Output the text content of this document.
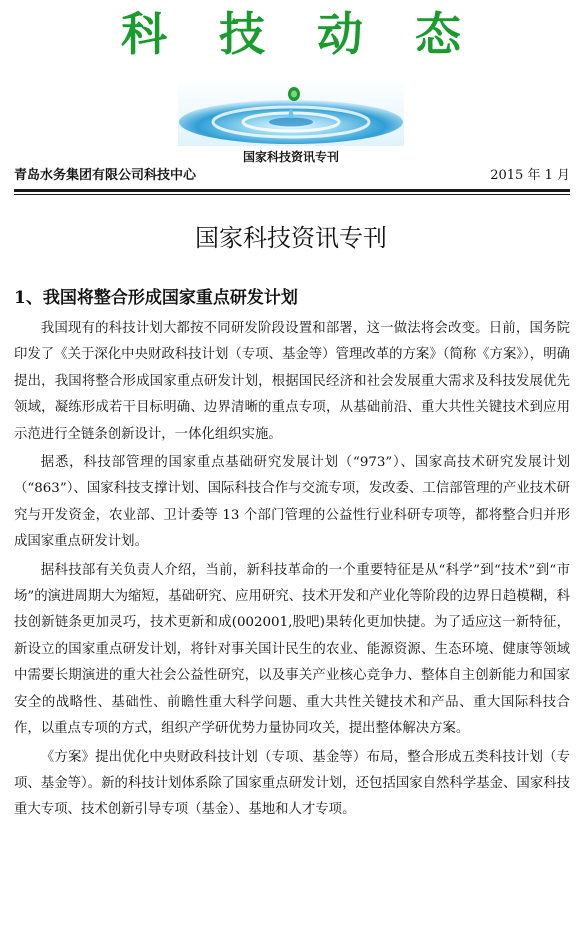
科 技 动 态
国家科技资讯专刊
青岛水务集团有限公司科技中心	2015 年 1 月
国家科技资讯专刊
1、我国将整合形成国家重点研发计划

我国现有的科技计划大都按不同研发阶段设置和部署，这一做法将会改变。日前，国务院印发了《关于深化中央财政科技计划（专项、基金等）管理改革的方案》（简称《方案》），明确提出，我国将整合形成国家重点研发计划，根据国民经济和社会发展重大需求及科技发展优先领域，凝练形成若干目标明确、边界清晰的重点专项，从基础前沿、重大共性关键技术到应用示范进行全链条创新设计，一体化组织实施。

据悉，科技部管理的国家重点基础研究发展计划（“973”）、国家高技术研究发展计划（“863”）、国家科技支撑计划、国际科技合作与交流专项，发改委、工信部管理的产业技术研究与开发资金，农业部、卫计委等 13 个部门管理的公益性行业科研专项等，都将整合归并形成国家重点研发计划。

据科技部有关负责人介绍，当前，新科技革命的一个重要特征是从“科学”到“技术”到“市场”的演进周期大为缩短，基础研究、应用研究、技术开发和产业化等阶段的边界日趋模糊，科技创新链条更加灵巧，技术更新和成(002001,股吧)果转化更加快捷。为了适应这一新特征，新设立的国家重点研发计划，将针对事关国计民生的农业、能源资源、生态环境、健康等领域中需要长期演进的重大社会公益性研究，以及事关产业核心竞争力、整体自主创新能力和国家安全的战略性、基础性、前瞻性重大科学问题、重大共性关键技术和产品、重大国际科技合作，以重点专项的方式，组织产学研优势力量协同攻关，提出整体解决方案。

《方案》提出优化中央财政科技计划（专项、基金等）布局，整合形成五类科技计划（专项、基金等）。新的科技计划体系除了国家重点研发计划，还包括国家自然科学基金、国家科技重大专项、技术创新引导专项（基金）、基地和人才专项。
